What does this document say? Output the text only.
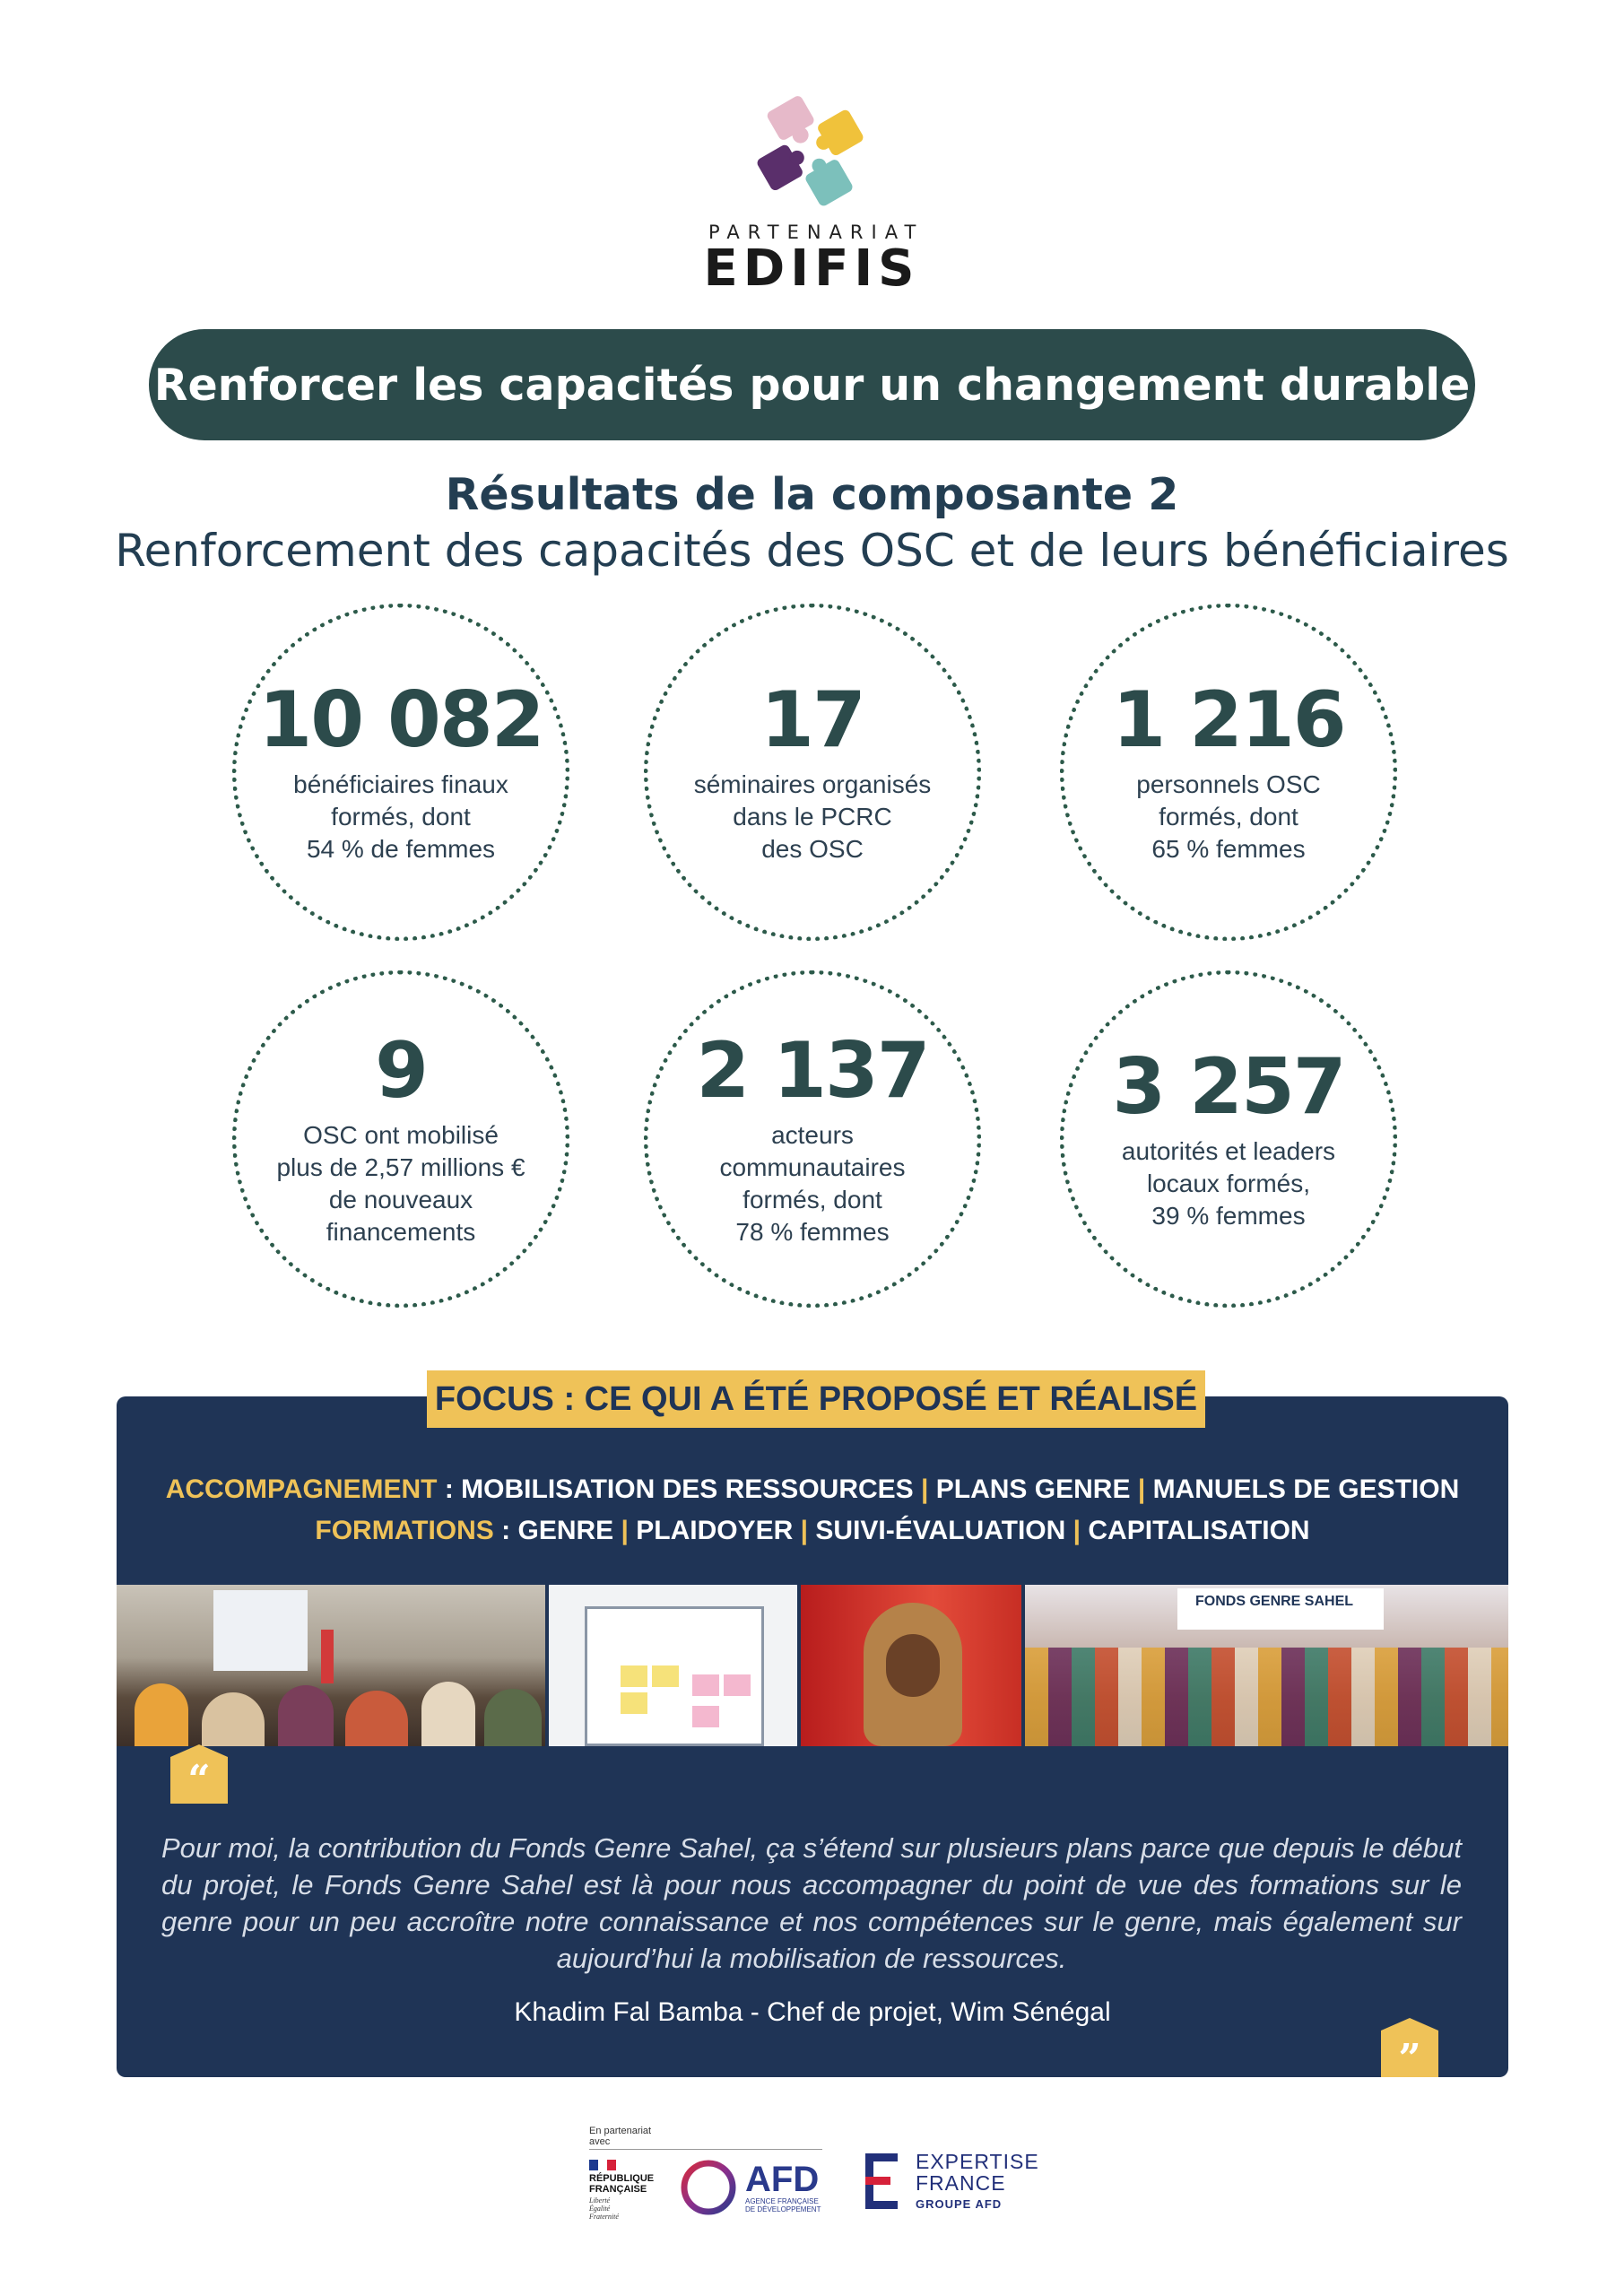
PARTENARIAT
EDIFIS
Renforcer les capacités pour un changement durable
Résultats de la composante 2
Renforcement des capacités des OSC et de leurs bénéficiaires
10 082
bénéficiaires finaux
formés, dont
54 % de femmes
17
séminaires organisés
dans le PCRC
des OSC
1 216
personnels OSC
formés, dont
65 % femmes
9
OSC ont mobilisé
plus de 2,57 millions €
de nouveaux
financements
2 137
acteurs
communautaires
formés, dont
78 % femmes
3 257
autorités et leaders
locaux formés,
39 % femmes
FOCUS : CE QUI A ÉTÉ PROPOSÉ ET RÉALISÉ
ACCOMPAGNEMENT : MOBILISATION DES RESSOURCES | PLANS GENRE | MANUELS DE GESTION
FORMATIONS : GENRE | PLAIDOYER | SUIVI-ÉVALUATION | CAPITALISATION
FONDS GENRE SAHEL
“
”
Pour moi, la contribution du Fonds Genre Sahel, ça s’étend sur plusieurs plans parce que depuis le début du projet, le Fonds Genre Sahel est là pour nous accompagner du point de vue des formations sur le genre pour un peu accroître notre connaissance et nos compétences sur le genre, mais également sur aujourd’hui la mobilisation de ressources.
Khadim Fal Bamba - Chef de projet, Wim Sénégal
En partenariat
avec
RÉPUBLIQUE
FRANÇAISE
Liberté
Égalité
Fraternité
AFD
AGENCE FRANÇAISE
DE DÉVELOPPEMENT
EXPERTISE
FRANCE
GROUPE AFD
